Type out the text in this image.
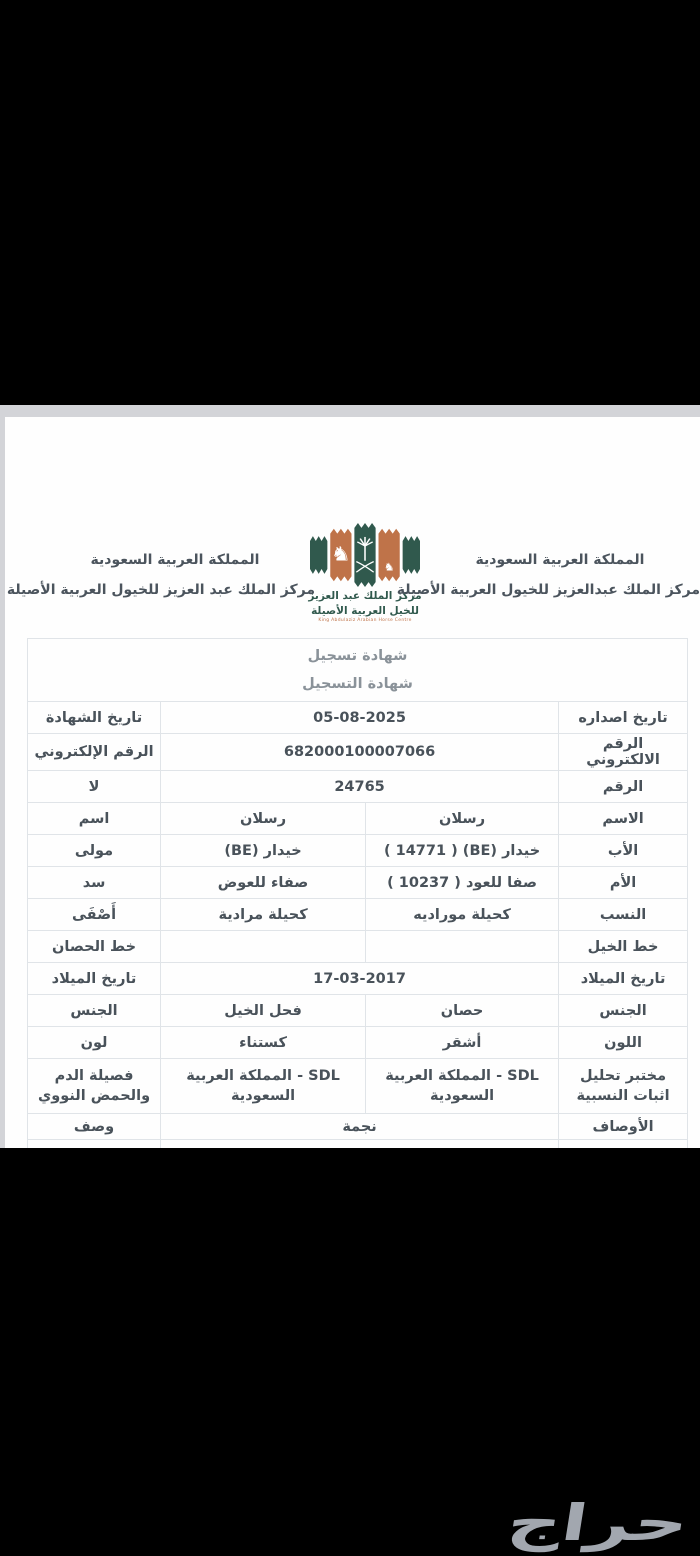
المملكة العربية السعودية
مركز الملك عبد العزيز للخيول العربية الأصيلة
♞
♞
مركز الملك عبد العزيز
للخيل العربية الأصيلة
King Abdulaziz Arabian Horse Centre
المملكة العربية السعودية
مركز الملك عبدالعزيز للخيول العربية الأصيلة
شهادة تسجيل
شهادة التسجيل			

تاريخ اصداره	05-08-2025		تاريخ الشهادة
الرقم الالكتروني	682000100007066		الرقم الإلكتروني
الرقم	24765		لا
الاسم	رسلان	رسلان	اسم
الأب	خيدار (BE) ( 14771 )	خيدار (BE)	مولى
الأم	صفا للعود ( 10237 )	صفاء للعوض	سد
النسب	كحيلة موراديه	كحيلة مرادية	أَصْفَى
خط الخيل			خط الحصان
تاريخ الميلاد	17-03-2017		تاريخ الميلاد
الجنس	حصان	فحل الخيل	الجنس
اللون	أشقر	كستناء	لون
مختبر تحليل اثبات النسبية	SDL - المملكة العربية السعودية	SDL - المملكة العربية السعودية	فصيلة الدم والحمض النووي
الأوصاف	نجمة		وصف

حراج
